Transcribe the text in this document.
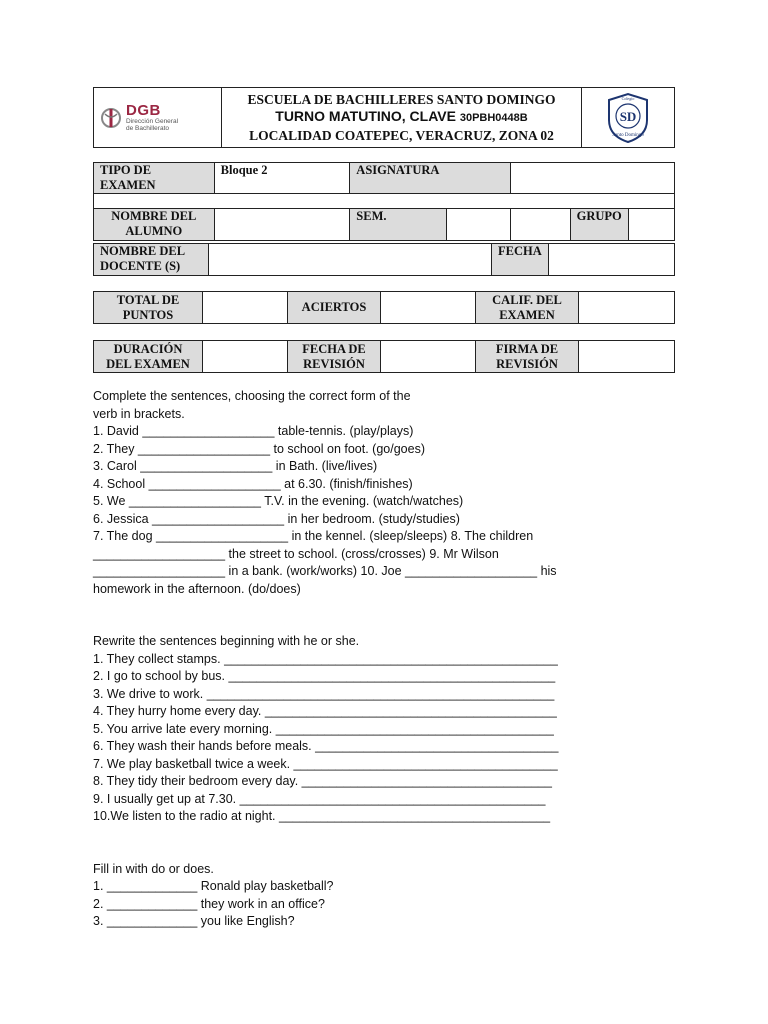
DGB
Dirección General
de Bachillerato
ESCUELA DE BACHILLERES SANTO DOMINGO
TURNO MATUTINO, CLAVE 30PBH0448B
LOCALIDAD COATEPEC, VERACRUZ, ZONA 02
SD
Colegio
Santo Domingo
TIPO DE EXAMEN	Bloque 2	ASIGNATURA				

NOMBRE DEL ALUMNO		SEM.			GRUPO	
NOMBRE DEL DOCENTE (S)		FECHA	
TOTAL DE PUNTOS		ACIERTOS		CALIF. DEL EXAMEN	
DURACIÓN DEL EXAMEN		FECHA DE REVISIÓN		FIRMA DE REVISIÓN	

Complete the sentences, choosing the correct form of the

verb in brackets.

1. David ___________________ table-tennis. (play/plays)

2. They ___________________ to school on foot. (go/goes)

3. Carol ___________________ in Bath. (live/lives)

4. School ___________________ at 6.30. (finish/finishes)

5. We ___________________ T.V. in the evening. (watch/watches)

6. Jessica ___________________ in her bedroom. (study/studies)

7. The dog ___________________ in the kennel. (sleep/sleeps) 8. The children

___________________ the street to school. (cross/crosses) 9. Mr Wilson

___________________ in a bank. (work/works) 10. Joe ___________________ his

homework in the afternoon. (do/does)

Rewrite the sentences beginning with he or she.

1. They collect stamps. ________________________________________________

2. I go to school by bus. _______________________________________________

3. We drive to work. __________________________________________________

4. They hurry home every day. __________________________________________

5. You arrive late every morning. ________________________________________

6. They wash their hands before meals. ___________________________________

7. We play basketball twice a week. ______________________________________

8. They tidy their bedroom every day. ____________________________________

9. I usually get up at 7.30. ____________________________________________

10.We listen to the radio at night. _______________________________________

Fill in with do or does.

1. _____________ Ronald play basketball?

2. _____________ they work in an office?

3. _____________ you like English?
